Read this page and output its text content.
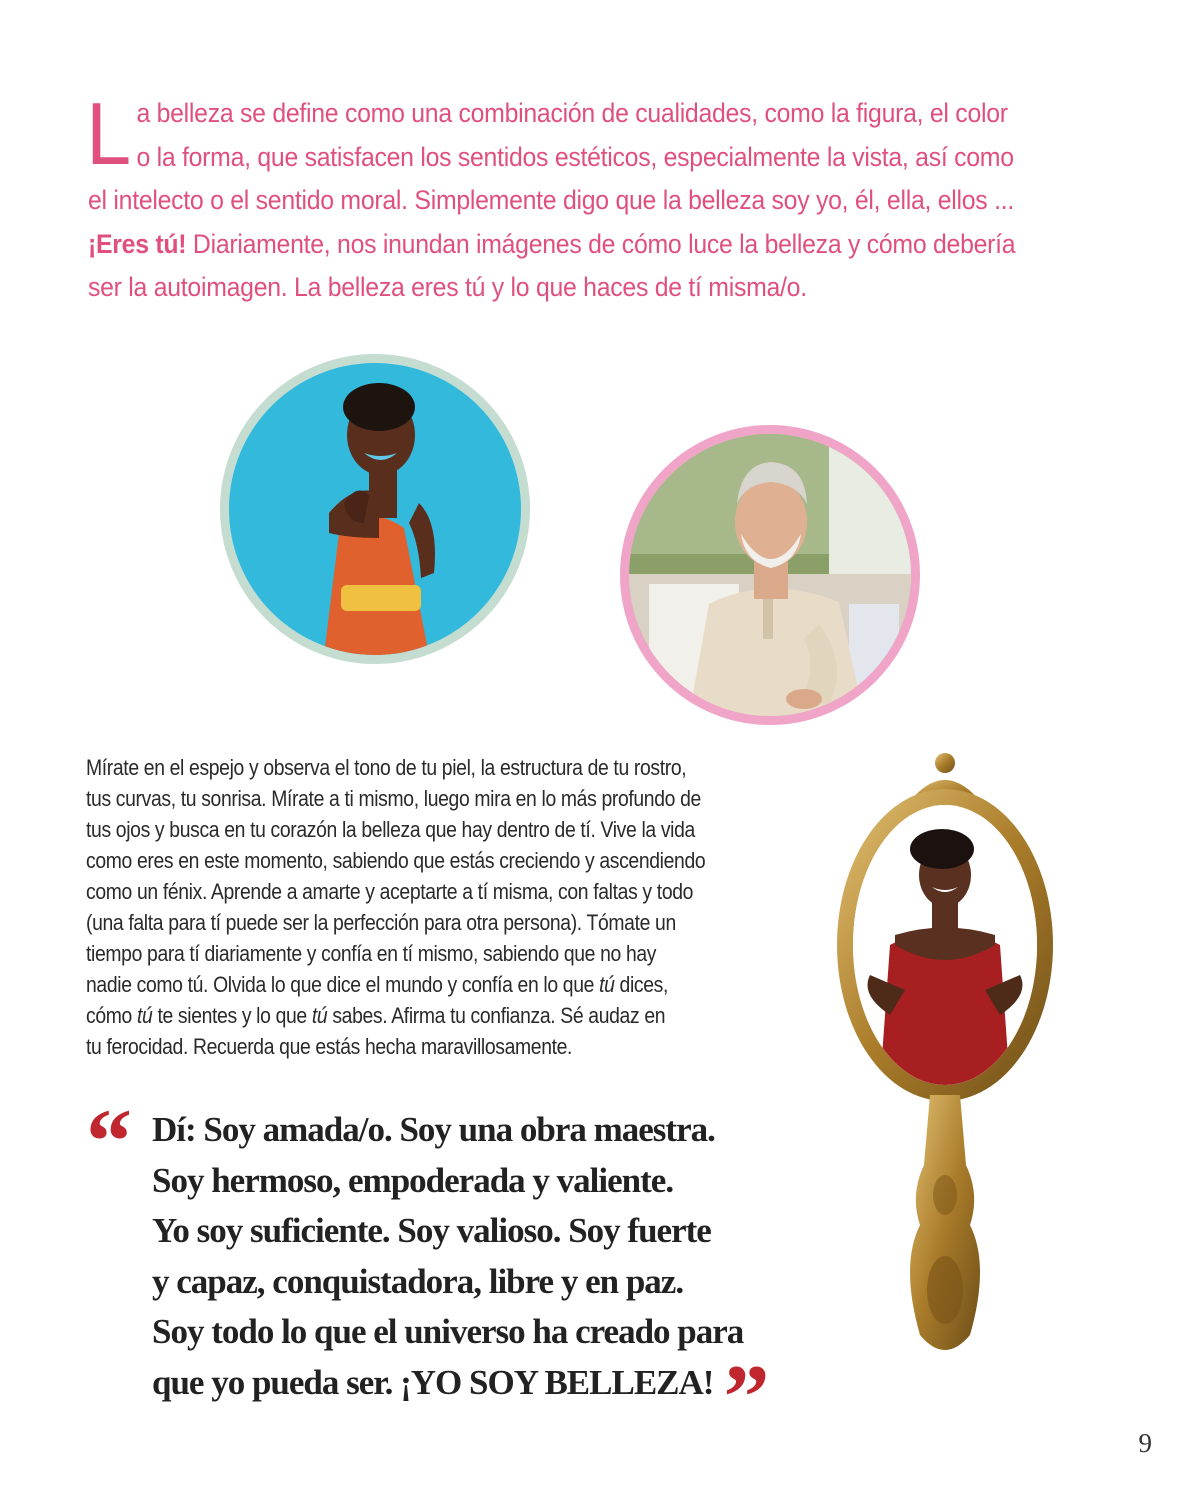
La belleza se define como una combinación de cualidades, como la figura, el color o la forma, que satisfacen los sentidos estéticos, especialmente la vista, así como el intelecto o el sentido moral. Simplemente digo que la belleza soy yo, él, ella, ellos ... ¡Eres tú! Diariamente, nos inundan imágenes de cómo luce la belleza y cómo debería ser la autoimagen. La belleza eres tú y lo que haces de tí misma/o.
Mírate en el espejo y observa el tono de tu piel, la estructura de tu rostro,
tus curvas, tu sonrisa. Mírate a ti mismo, luego mira en lo más profundo de
tus ojos y busca en tu corazón la belleza que hay dentro de tí. Vive la vida
como eres en este momento, sabiendo que estás creciendo y ascendiendo
como un fénix. Aprende a amarte y aceptarte a tí misma, con faltas y todo
(una falta para tí puede ser la perfección para otra persona). Tómate un
tiempo para tí diariamente y confía en tí mismo, sabiendo que no hay
nadie como tú. Olvida lo que dice el mundo y confía en lo que tú dices,
cómo tú te sientes y lo que tú sabes. Afirma tu confianza. Sé audaz en
tu ferocidad. Recuerda que estás hecha maravillosamente.
“ Dí: Soy amada/o. Soy una obra maestra.
Soy hermoso, empoderada y valiente.
Yo soy suficiente. Soy valioso. Soy fuerte
y capaz, conquistadora, libre y en paz.
Soy todo lo que el universo ha creado para
que yo pueda ser. ¡YO SOY BELLEZA! ”	9
